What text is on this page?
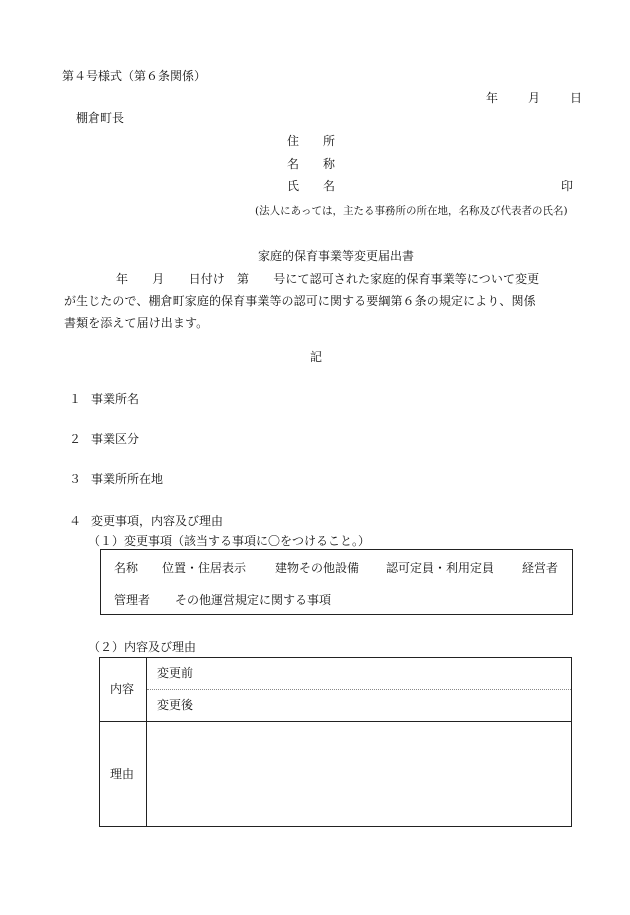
第４号様式（第６条関係）
年	月	日
棚倉町長
住　　所
名　　称
氏　　名	印
(法人にあっては，主たる事務所の所在地，名称及び代表者の氏名)
家庭的保育事業等変更届出書
年　　月　　日付け　第　　号にて認可された家庭的保育事業等について変更
が生じたので、棚倉町家庭的保育事業等の認可に関する要綱第６条の規定により、関係
書類を添えて届け出ます。
記
１ 事業所名
２ 事業区分
３ 事業所所在地
４ 変更事項，内容及び理由
（１）変更事項（該当する事項に〇をつけること。）
名称 位置・住居表示 建物その他設備 認可定員・利用定員 経営者
管理者 その他運営規定に関する事項
（２）内容及び理由
内容	変更前
	変更後
理由	
